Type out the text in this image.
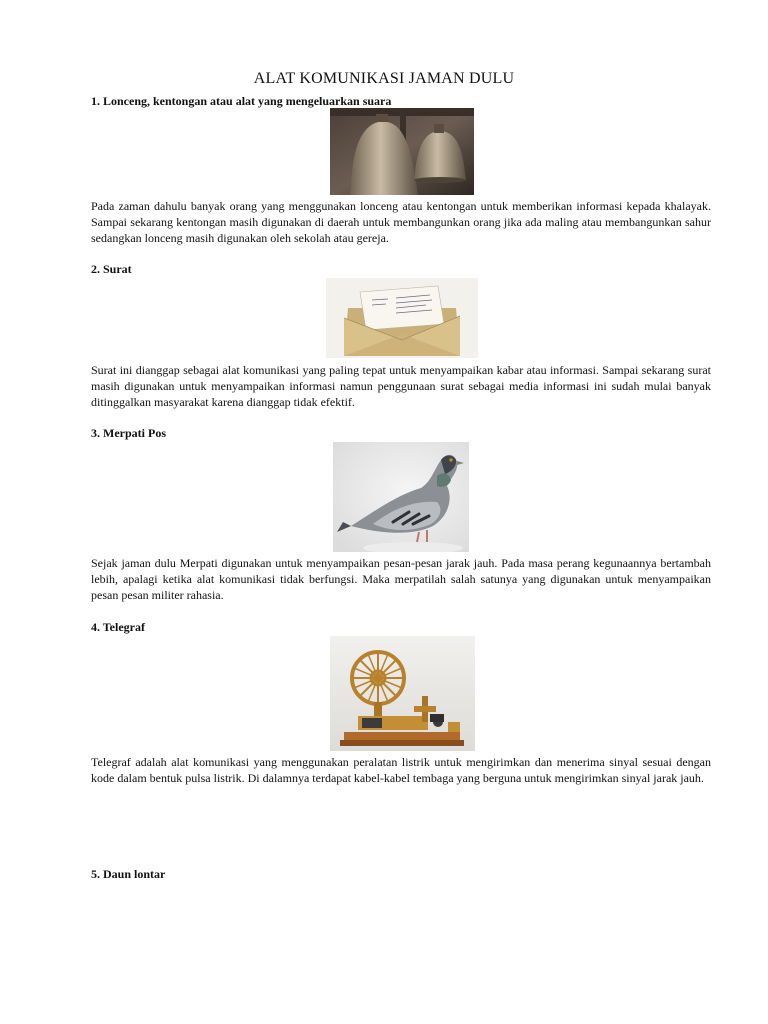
ALAT KOMUNIKASI JAMAN DULU
1. Lonceng, kentongan atau alat yang mengeluarkan suara
Pada zaman dahulu banyak orang yang menggunakan lonceng atau kentongan untuk memberikan informasi kepada khalayak. Sampai sekarang kentongan masih digunakan di daerah untuk membangunkan orang jika ada maling atau membangunkan sahur sedangkan lonceng masih digunakan oleh sekolah atau gereja.
2. Surat
Surat ini dianggap sebagai alat komunikasi yang paling tepat untuk menyampaikan kabar atau informasi. Sampai sekarang surat masih digunakan untuk menyampaikan informasi namun penggunaan surat sebagai media informasi ini sudah mulai banyak ditinggalkan masyarakat karena dianggap tidak efektif.
3. Merpati Pos
Sejak jaman dulu Merpati digunakan untuk menyampaikan pesan-pesan jarak jauh. Pada masa perang kegunaannya bertambah lebih, apalagi ketika alat komunikasi tidak berfungsi. Maka merpatilah salah satunya yang digunakan untuk menyampaikan pesan pesan militer rahasia.
4. Telegraf
Telegraf adalah alat komunikasi yang menggunakan peralatan listrik untuk mengirimkan dan menerima sinyal sesuai dengan kode dalam bentuk pulsa listrik. Di dalamnya terdapat kabel-kabel tembaga yang berguna untuk mengirimkan sinyal jarak jauh.
5. Daun lontar
